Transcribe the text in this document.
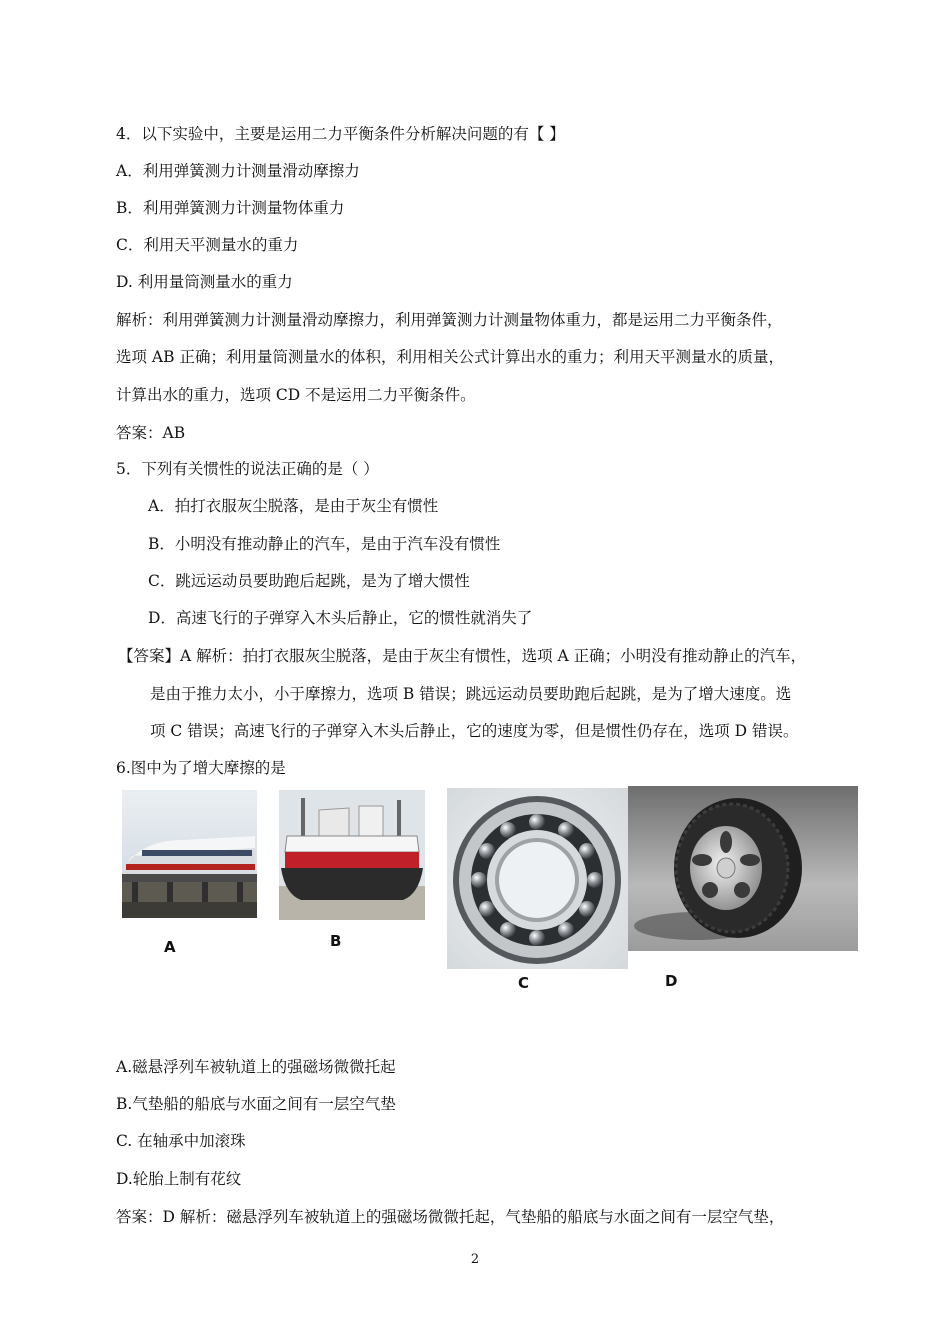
4．以下实验中，主要是运用二力平衡条件分析解决问题的有【 】
A．利用弹簧测力计测量滑动摩擦力
B．利用弹簧测力计测量物体重力
C．利用天平测量水的重力
D. 利用量筒测量水的重力
解析：利用弹簧测力计测量滑动摩擦力，利用弹簧测力计测量物体重力，都是运用二力平衡条件，
选项 AB 正确；利用量筒测量水的体积，利用相关公式计算出水的重力；利用天平测量水的质量，
计算出水的重力，选项 CD 不是运用二力平衡条件。
答案：AB
5．下列有关惯性的说法正确的是（ ）
A．拍打衣服灰尘脱落，是由于灰尘有惯性
B．小明没有推动静止的汽车，是由于汽车没有惯性
C．跳远运动员要助跑后起跳，是为了增大惯性
D．高速飞行的子弹穿入木头后静止，它的惯性就消失了
【答案】A 解析：拍打衣服灰尘脱落，是由于灰尘有惯性，选项 A 正确；小明没有推动静止的汽车，
是由于推力太小，小于摩擦力，选项 B 错误；跳远运动员要助跑后起跳，是为了增大速度。选
项 C 错误；高速飞行的子弹穿入木头后静止，它的速度为零，但是惯性仍存在，选项 D 错误。
6.图中为了增大摩擦的是
A	B
C	D
A.磁悬浮列车被轨道上的强磁场微微托起
B.气垫船的船底与水面之间有一层空气垫
C. 在轴承中加滚珠
D.轮胎上制有花纹
答案：D 解析：磁悬浮列车被轨道上的强磁场微微托起，气垫船的船底与水面之间有一层空气垫，
2
